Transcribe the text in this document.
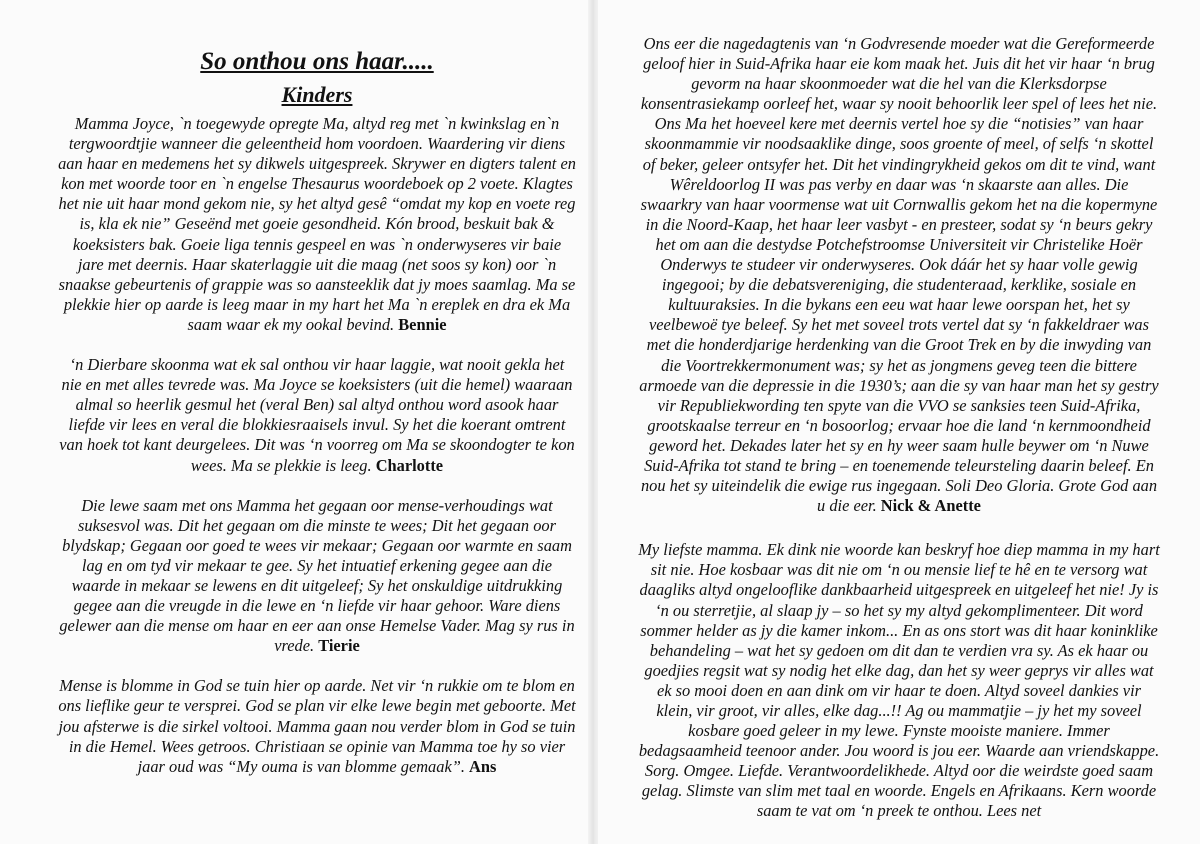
So onthou ons haar.....
Kinders

Mamma Joyce, `n toegewyde opregte Ma, altyd reg met `n kwinkslag en`n tergwoordtjie wanneer die geleentheid hom voordoen. Waardering vir diens aan haar en medemens het sy dikwels uitgespreek. Skrywer en digters talent en kon met woorde toor en `n engelse Thesaurus woordeboek op 2 voete. Klagtes het nie uit haar mond gekom nie, sy het altyd gesê “omdat my kop en voete reg is, kla ek nie” Geseënd met goeie gesondheid. Kón brood, beskuit bak & koeksisters bak. Goeie liga tennis gespeel en was `n onderwyseres vir baie jare met deernis. Haar skaterlaggie uit die maag (net soos sy kon) oor `n snaakse gebeurtenis of grappie was so aansteeklik dat jy moes saamlag. Ma se plekkie hier op aarde is leeg maar in my hart het Ma `n ereplek en dra ek Ma saam waar ek my ookal bevind. Bennie

‘n Dierbare skoonma wat ek sal onthou vir haar laggie, wat nooit gekla het nie en met alles tevrede was. Ma Joyce se koeksisters (uit die hemel) waaraan almal so heerlik gesmul het (veral Ben) sal altyd onthou word asook haar liefde vir lees en veral die blokkiesraaisels invul. Sy het die koerant omtrent van hoek tot kant deurgelees. Dit was ‘n voorreg om Ma se skoondogter te kon wees. Ma se plekkie is leeg. Charlotte

Die lewe saam met ons Mamma het gegaan oor mense-verhoudings wat suksesvol was. Dit het gegaan om die minste te wees; Dit het gegaan oor blydskap; Gegaan oor goed te wees vir mekaar; Gegaan oor warmte en saam lag en om tyd vir mekaar te gee. Sy het intuatief erkening gegee aan die waarde in mekaar se lewens en dit uitgeleef; Sy het onskuldige uitdrukking gegee aan die vreugde in die lewe en ‘n liefde vir haar gehoor. Ware diens gelewer aan die mense om haar en eer aan onse Hemelse Vader. Mag sy rus in vrede. Tierie

Mense is blomme in God se tuin hier op aarde. Net vir ‘n rukkie om te blom en ons lieflike geur te versprei. God se plan vir elke lewe begin met geboorte. Met jou afsterwe is die sirkel voltooi. Mamma gaan nou verder blom in God se tuin in die Hemel. Wees getroos. Christiaan se opinie van Mamma toe hy so vier jaar oud was “My ouma is van blomme gemaak”. Ans

Ons eer die nagedagtenis van ‘n Godvresende moeder wat die Gereformeerde geloof hier in Suid-Afrika haar eie kom maak het. Juis dit het vir haar ‘n brug gevorm na haar skoonmoeder wat die hel van die Klerksdorpse konsentrasiekamp oorleef het, waar sy nooit behoorlik leer spel of lees het nie. Ons Ma het hoeveel kere met deernis vertel hoe sy die “notisies” van haar skoonmammie vir noodsaaklike dinge, soos groente of meel, of selfs ‘n skottel of beker, geleer ontsyfer het. Dit het vindingrykheid gekos om dit te vind, want Wêreldoorlog II was pas verby en daar was ‘n skaarste aan alles. Die swaarkry van haar voormense wat uit Cornwallis gekom het na die kopermyne in die Noord-Kaap, het haar leer vasbyt - en presteer, sodat sy ‘n beurs gekry het om aan die destydse Potchefstroomse Universiteit vir Christelike Hoër Onderwys te studeer vir onderwyseres. Ook dáár het sy haar volle gewig ingegooi; by die debatsvereniging, die studenteraad, kerklike, sosiale en kultuuraksies. In die bykans een eeu wat haar lewe oorspan het, het sy veelbewoë tye beleef. Sy het met soveel trots vertel dat sy ‘n fakkeldraer was met die honderdjarige herdenking van die Groot Trek en by die inwyding van die Voortrekkermonument was; sy het as jongmens geveg teen die bittere armoede van die depressie in die 1930’s; aan die sy van haar man het sy gestry vir Republiekwording ten spyte van die VVO se sanksies teen Suid-Afrika, grootskaalse terreur en ‘n bosoorlog; ervaar hoe die land ‘n kernmoondheid geword het. Dekades later het sy en hy weer saam hulle beywer om ‘n Nuwe Suid-Afrika tot stand te bring – en toenemende teleursteling daarin beleef. En nou het sy uiteindelik die ewige rus ingegaan. Soli Deo Gloria. Grote God aan u die eer. Nick & Anette

My liefste mamma. Ek dink nie woorde kan beskryf hoe diep mamma in my hart sit nie. Hoe kosbaar was dit nie om ‘n ou mensie lief te hê en te versorg wat daagliks altyd ongelooflike dankbaarheid uitgespreek en uitgeleef het nie! Jy is ‘n ou sterretjie, al slaap jy – so het sy my altyd gekomplimenteer. Dit word sommer helder as jy die kamer inkom... En as ons stort was dit haar koninklike behandeling – wat het sy gedoen om dit dan te verdien vra sy. As ek haar ou goedjies regsit wat sy nodig het elke dag, dan het sy weer geprys vir alles wat ek so mooi doen en aan dink om vir haar te doen. Altyd soveel dankies vir klein, vir groot, vir alles, elke dag...!! Ag ou mammatjie – jy het my soveel kosbare goed geleer in my lewe. Fynste mooiste maniere. Immer bedagsaamheid teenoor ander. Jou woord is jou eer. Waarde aan vriendskappe. Sorg. Omgee. Liefde. Verantwoordelikhede. Altyd oor die weirdste goed saam gelag. Slimste van slim met taal en woorde. Engels en Afrikaans. Kern woorde saam te vat om ‘n preek te onthou. Lees net
